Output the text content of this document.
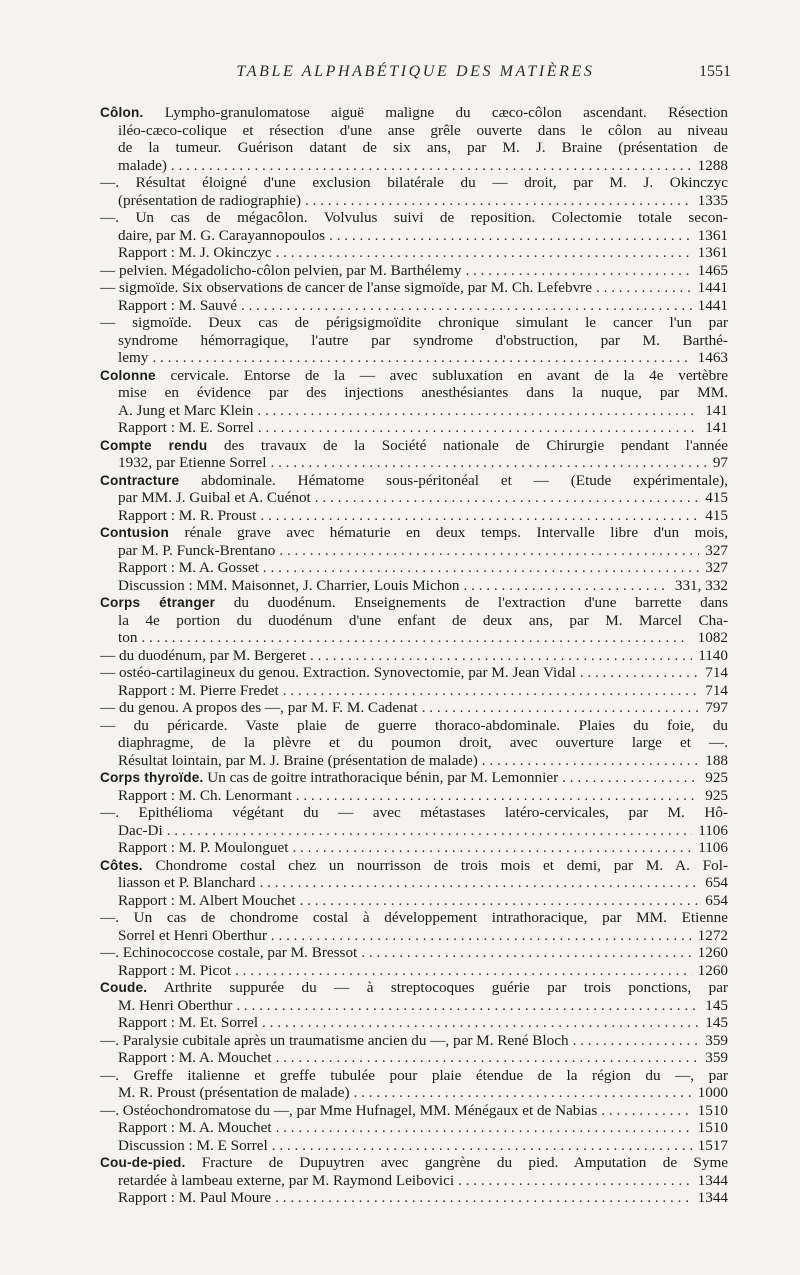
TABLE ALPHABÉTIQUE DES MATIÈRES	1551
Côlon. Lympho-granulomatose aiguë maligne du cæco-côlon ascendant. Résection
iléo-cæco-colique et résection d'une anse grêle ouverte dans le côlon au niveau
de la tumeur. Guérison datant de six ans, par M. J. Braine (présentation de
malade) . . .	1288
—. Résultat éloigné d'une exclusion bilatérale du — droit, par M. J. Okinczyc
(présentation de radiographie) . . .	1335
—. Un cas de mégacôlon. Volvulus suivi de reposition. Colectomie totale secon-
daire, par M. G. Carayannopoulos . . .	1361
Rapport : M. J. Okinczyc . . .	1361
— pelvien. Mégadolicho-côlon pelvien, par M. Barthélemy . . .	1465
— sigmoïde. Six observations de cancer de l'anse sigmoïde, par M. Ch. Lefebvre . . .	1441
Rapport : M. Sauvé . . .	1441
— sigmoïde. Deux cas de périgsigmoïdite chronique simulant le cancer l'un par
syndrome hémorragique, l'autre par syndrome d'obstruction, par M. Barthé-
lemy . . .	1463
Colonne cervicale. Entorse de la — avec subluxation en avant de la 4e vertèbre
mise en évidence par des injections anesthésiantes dans la nuque, par MM.
A. Jung et Marc Klein . . .	141
Rapport : M. E. Sorrel . . .	141
Compte rendu des travaux de la Société nationale de Chirurgie pendant l'année
1932, par Etienne Sorrel . . .	97
Contracture abdominale. Hématome sous-péritonéal et — (Etude expérimentale),
par MM. J. Guibal et A. Cuénot . . .	415
Rapport : M. R. Proust . . .	415
Contusion rénale grave avec hématurie en deux temps. Intervalle libre d'un mois,
par M. P. Funck-Brentano . . .	327
Rapport : M. A. Gosset . . .	327
Discussion : MM. Maisonnet, J. Charrier, Louis Michon . . .	331, 332
Corps étranger du duodénum. Enseignements de l'extraction d'une barrette dans
la 4e portion du duodénum d'une enfant de deux ans, par M. Marcel Cha-
ton . . .	1082
— du duodénum, par M. Bergeret . . .	1140
— ostéo-cartilagineux du genou. Extraction. Synovectomie, par M. Jean Vidal . . .	714
Rapport : M. Pierre Fredet . . .	714
— du genou. A propos des —, par M. F. M. Cadenat . . .	797
— du péricarde. Vaste plaie de guerre thoraco-abdominale. Plaies du foie, du
diaphragme, de la plèvre et du poumon droit, avec ouverture large et —.
Résultat lointain, par M. J. Braine (présentation de malade) . . .	188
Corps thyroïde. Un cas de goitre intrathoracique bénin, par M. Lemonnier . . .	925
Rapport : M. Ch. Lenormant . . .	925
—. Epithélioma végétant du — avec métastases latéro-cervicales, par M. Hô-
Dac-Di . . .	1106
Rapport : M. P. Moulonguet . . .	1106
Côtes. Chondrome costal chez un nourrisson de trois mois et demi, par M. A. Fol-
liasson et P. Blanchard . . .	654
Rapport : M. Albert Mouchet . . .	654
—. Un cas de chondrome costal à développement intrathoracique, par MM. Etienne
Sorrel et Henri Oberthur . . .	1272
—. Echinococcose costale, par M. Bressot . . .	1260
Rapport : M. Picot . . .	1260
Coude. Arthrite suppurée du — à streptocoques guérie par trois ponctions, par
M. Henri Oberthur . . .	145
Rapport : M. Et. Sorrel . . .	145
—. Paralysie cubitale après un traumatisme ancien du —, par M. René Bloch . . .	359
Rapport : M. A. Mouchet . . .	359
—. Greffe italienne et greffe tubulée pour plaie étendue de la région du —, par
M. R. Proust (présentation de malade) . . .	1000
—. Ostéochondromatose du —, par Mme Hufnagel, MM. Ménégaux et de Nabias . . .	1510
Rapport : M. A. Mouchet . . .	1510
Discussion : M. E Sorrel . . .	1517
Cou-de-pied. Fracture de Dupuytren avec gangrène du pied. Amputation de Syme
retardée à lambeau externe, par M. Raymond Leibovici . . .	1344
Rapport : M. Paul Moure . . .	1344
